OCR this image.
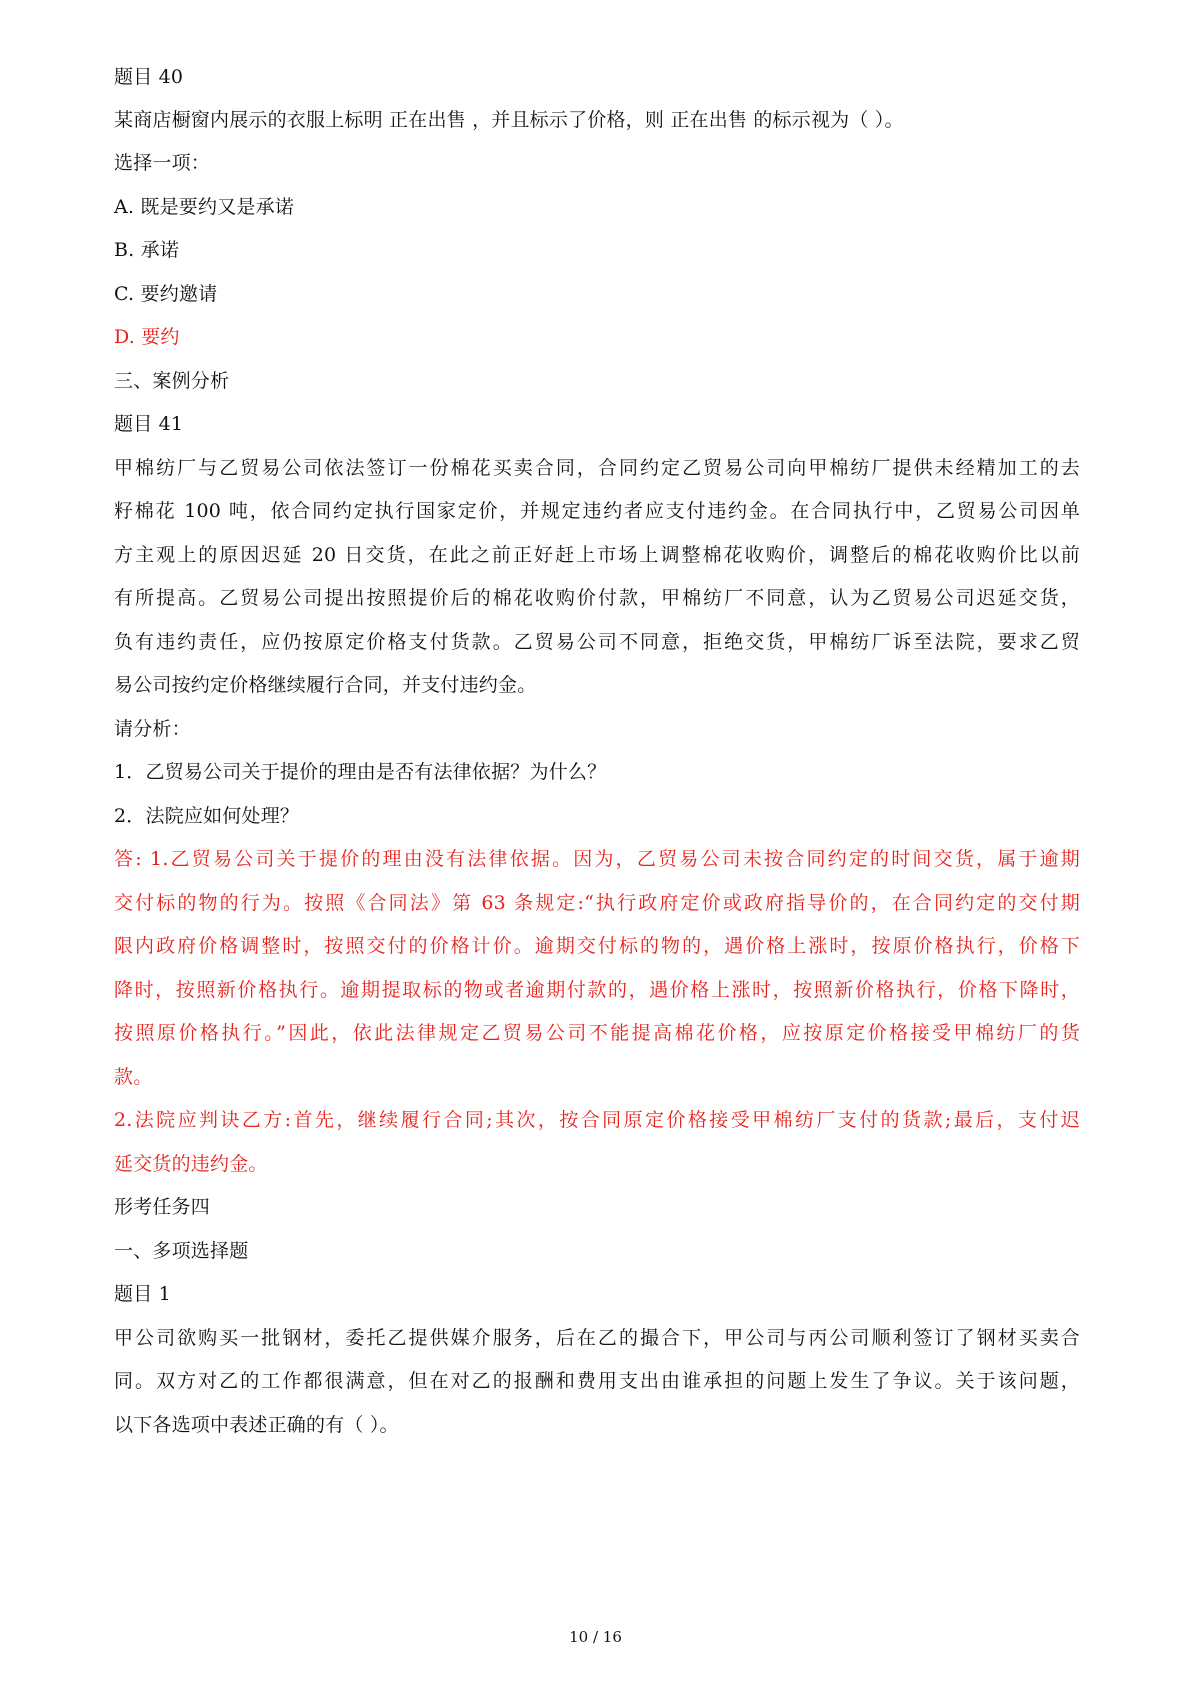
题目 40

某商店橱窗内展示的衣服上标明 正在出售 ，并且标示了价格，则 正在出售 的标示视为（ ）。

选择一项：

A. 既是要约又是承诺

B. 承诺

C. 要约邀请

D. 要约

三、案例分析

题目 41

甲棉纺厂与乙贸易公司依法签订一份棉花买卖合同，合同约定乙贸易公司向甲棉纺厂提供未经精加工的去

籽棉花 100 吨，依合同约定执行国家定价，并规定违约者应支付违约金。在合同执行中，乙贸易公司因单

方主观上的原因迟延 20 日交货，在此之前正好赶上市场上调整棉花收购价，调整后的棉花收购价比以前

有所提高。乙贸易公司提出按照提价后的棉花收购价付款，甲棉纺厂不同意，认为乙贸易公司迟延交货，

负有违约责任，应仍按原定价格支付货款。乙贸易公司不同意，拒绝交货，甲棉纺厂诉至法院，要求乙贸

易公司按约定价格继续履行合同，并支付违约金。

请分析：

1．乙贸易公司关于提价的理由是否有法律依据？为什么？

2．法院应如何处理？

答: 1.乙贸易公司关于提价的理由没有法律依据。因为，乙贸易公司未按合同约定的时间交货，属于逾期

交付标的物的行为。按照《合同法》第 63 条规定:“执行政府定价或政府指导价的，在合同约定的交付期

限内政府价格调整时，按照交付的价格计价。逾期交付标的物的，遇价格上涨时，按原价格执行，价格下

降时，按照新价格执行。逾期提取标的物或者逾期付款的，遇价格上涨时，按照新价格执行，价格下降时，

按照原价格执行。”因此，依此法律规定乙贸易公司不能提高棉花价格，应按原定价格接受甲棉纺厂的货

款。

2.法院应判诀乙方:首先，继续履行合同;其次，按合同原定价格接受甲棉纺厂支付的货款;最后，支付迟

延交货的违约金。

形考任务四

一、多项选择题

题目 1

甲公司欲购买一批钢材，委托乙提供媒介服务，后在乙的撮合下，甲公司与丙公司顺利签订了钢材买卖合

同。双方对乙的工作都很满意，但在对乙的报酬和费用支出由谁承担的问题上发生了争议。关于该问题，

以下各选项中表述正确的有（ ）。

10 / 16
